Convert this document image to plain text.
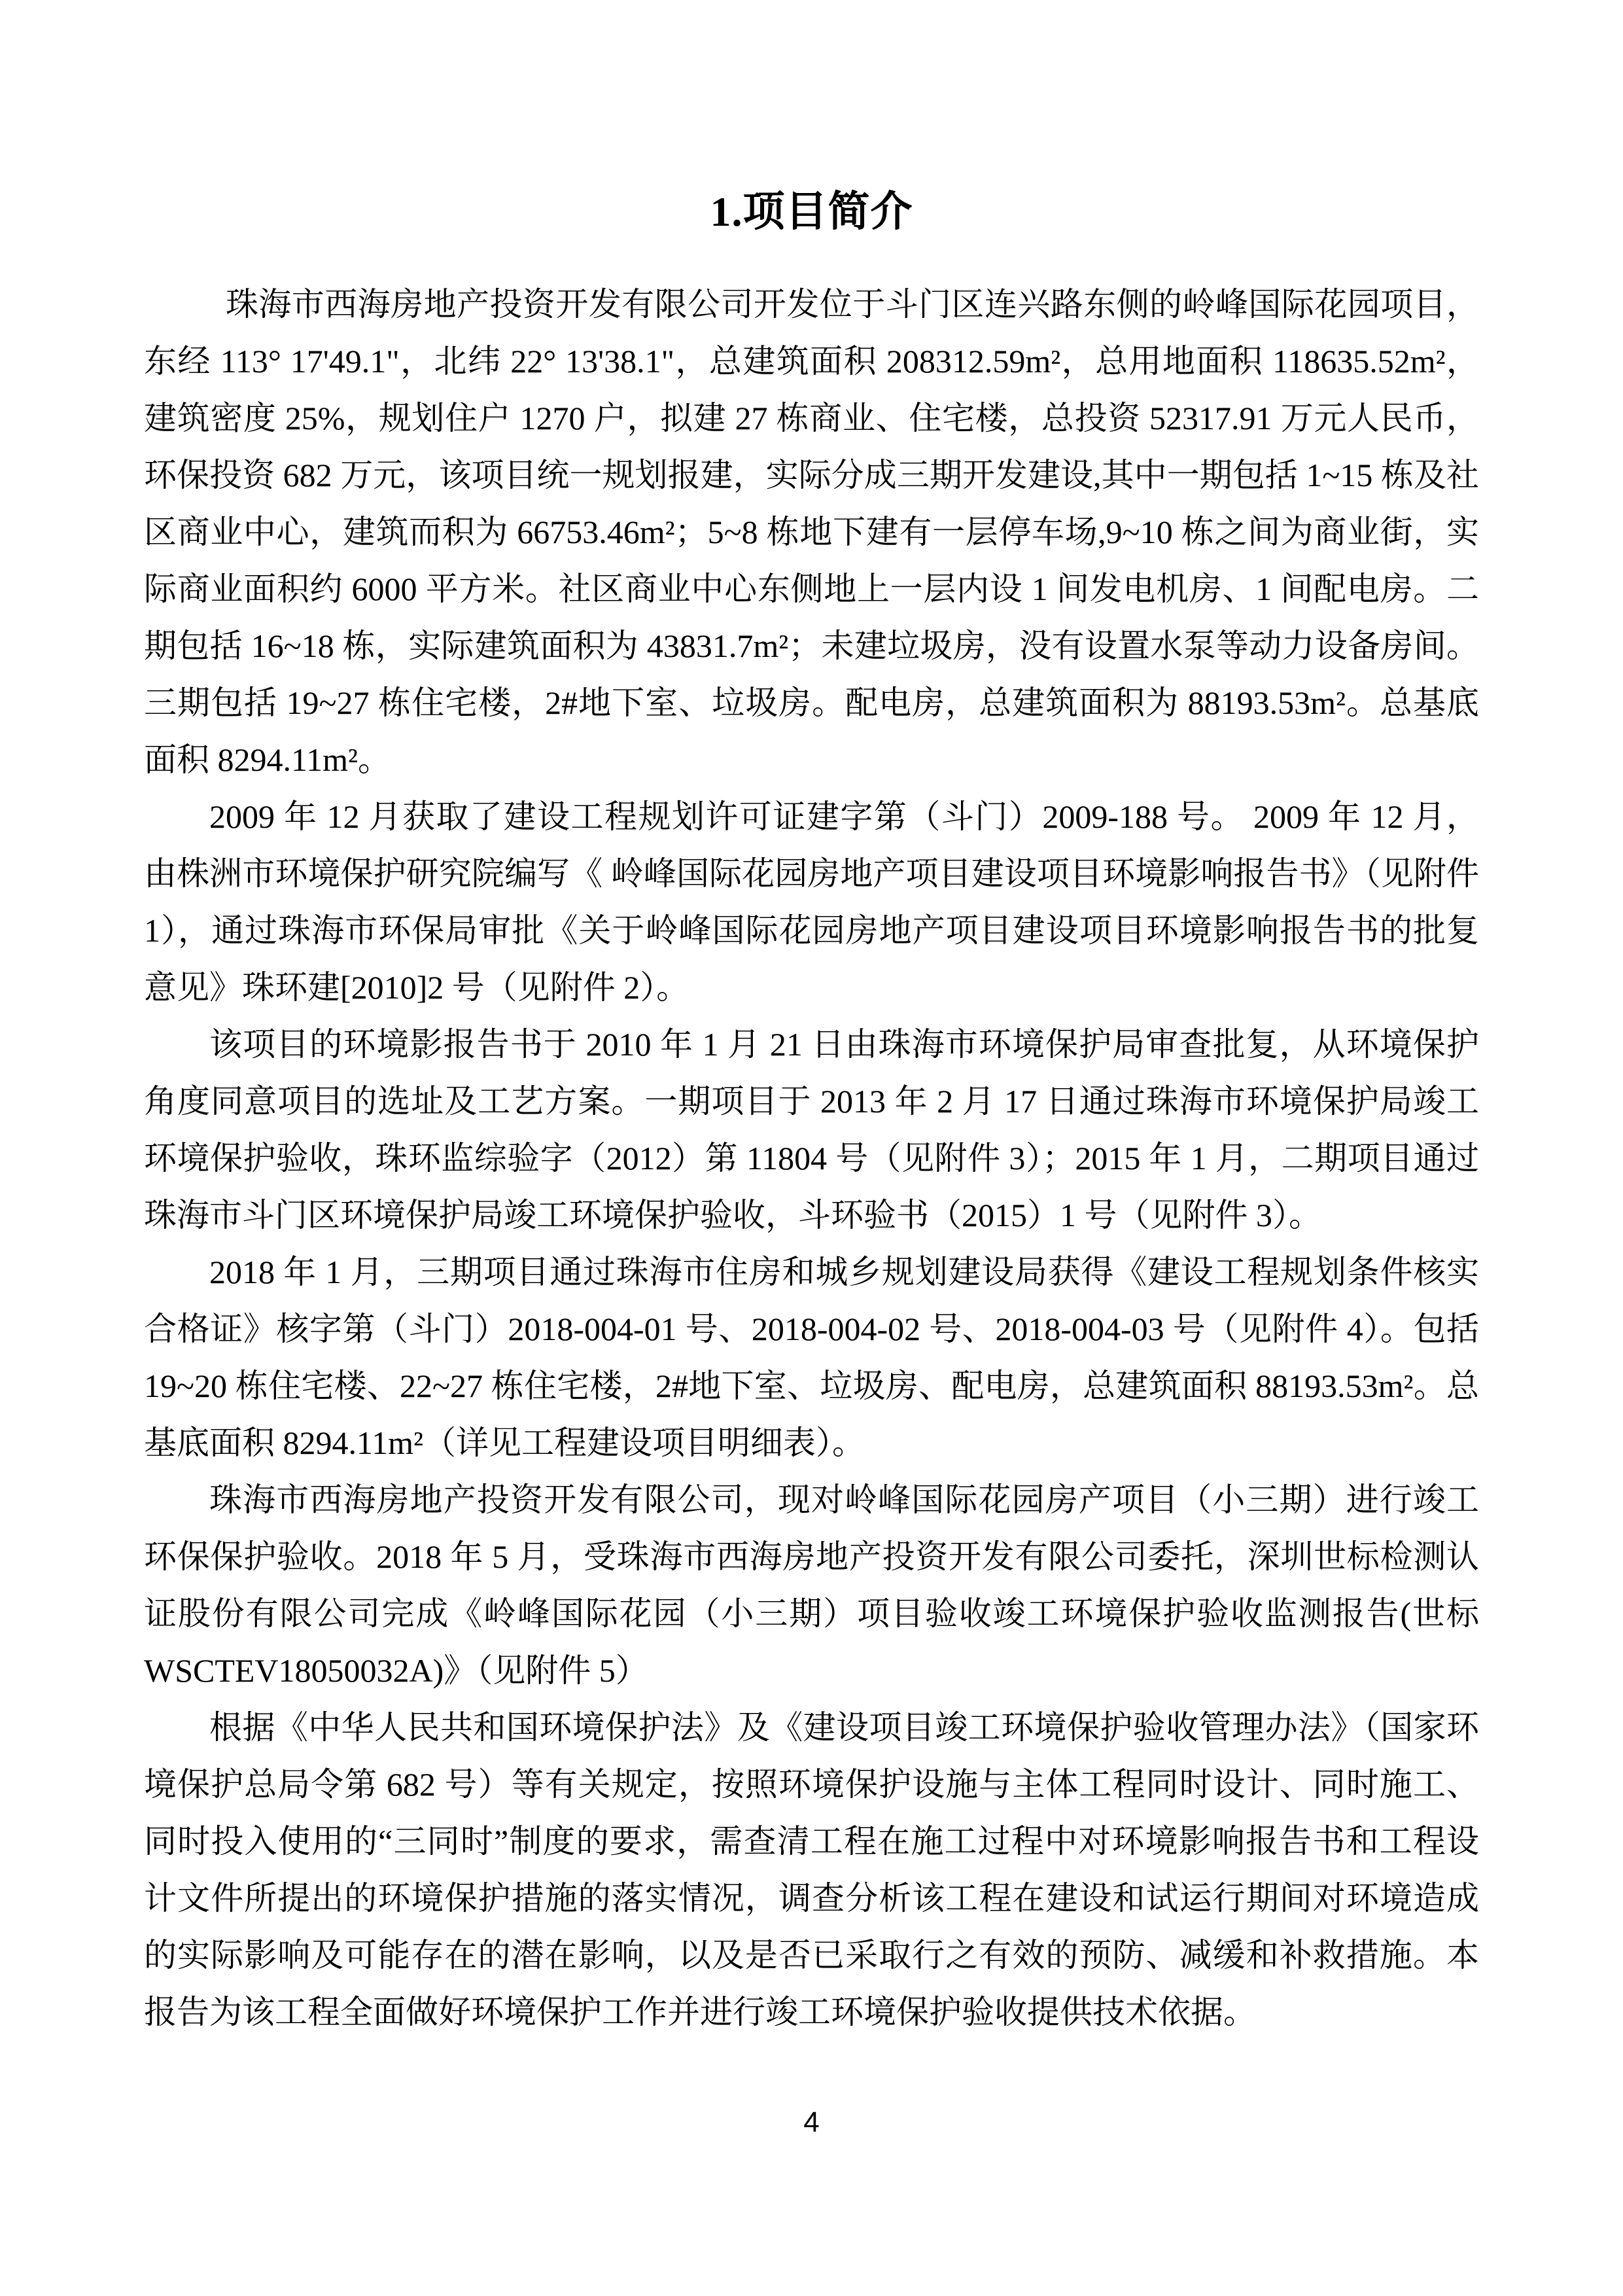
1.项目简介

珠海市西海房地产投资开发有限公司开发位于斗门区连兴路东侧的岭峰国际花园项目，东经 113° 17'49.1"，北纬 22° 13'38.1"，总建筑面积 208312.59m²，总用地面积 118635.52m²，建筑密度 25%，规划住户 1270 户，拟建 27 栋商业、住宅楼，总投资 52317.91 万元人民币，环保投资 682 万元，该项目统一规划报建，实际分成三期开发建设,其中一期包括 1~15 栋及社区商业中心，建筑而积为 66753.46m²；5~8 栋地下建有一层停车场,9~10 栋之间为商业街，实际商业面积约 6000 平方米。社区商业中心东侧地上一层内设 1 间发电机房、1 间配电房。二期包括 16~18 栋，实际建筑面积为 43831.7m²；未建垃圾房，没有设置水泵等动力设备房间。三期包括 19~27 栋住宅楼，2#地下室、垃圾房。配电房，总建筑面积为 88193.53m²。总基底面积 8294.11m²。

2009 年 12 月获取了建设工程规划许可证建字第（斗门）2009-188 号。 2009 年 12 月，由株洲市环境保护研究院编写《 岭峰国际花园房地产项目建设项目环境影响报告书》（见附件 1），通过珠海市环保局审批《关于岭峰国际花园房地产项目建设项目环境影响报告书的批复意见》珠环建[2010]2 号（见附件 2）。

该项目的环境影报告书于 2010 年 1 月 21 日由珠海市环境保护局审查批复，从环境保护角度同意项目的选址及工艺方案。一期项目于 2013 年 2 月 17 日通过珠海市环境保护局竣工环境保护验收，珠环监综验字（2012）第 11804 号（见附件 3）；2015 年 1 月，二期项目通过珠海市斗门区环境保护局竣工环境保护验收，斗环验书（2015）1 号（见附件 3）。

2018 年 1 月，三期项目通过珠海市住房和城乡规划建设局获得《建设工程规划条件核实合格证》核字第（斗门）2018-004-01 号、2018-004-02 号、2018-004-03 号（见附件 4）。包括 19~20 栋住宅楼、22~27 栋住宅楼，2#地下室、垃圾房、配电房，总建筑面积 88193.53m²。总基底面积 8294.11m²（详见工程建设项目明细表）。

珠海市西海房地产投资开发有限公司，现对岭峰国际花园房产项目（小三期）进行竣工环保保护验收。2018 年 5 月，受珠海市西海房地产投资开发有限公司委托，深圳世标检测认证股份有限公司完成《岭峰国际花园（小三期）项目验收竣工环境保护验收监测报告(世标WSCTEV18050032A)》（见附件 5）

根据《中华人民共和国环境保护法》及《建设项目竣工环境保护验收管理办法》（国家环境保护总局令第 682 号）等有关规定，按照环境保护设施与主体工程同时设计、同时施工、同时投入使用的“三同时”制度的要求，需查清工程在施工过程中对环境影响报告书和工程设计文件所提出的环境保护措施的落实情况，调查分析该工程在建设和试运行期间对环境造成的实际影响及可能存在的潜在影响，以及是否已采取行之有效的预防、减缓和补救措施。本报告为该工程全面做好环境保护工作并进行竣工环境保护验收提供技术依据。

4
